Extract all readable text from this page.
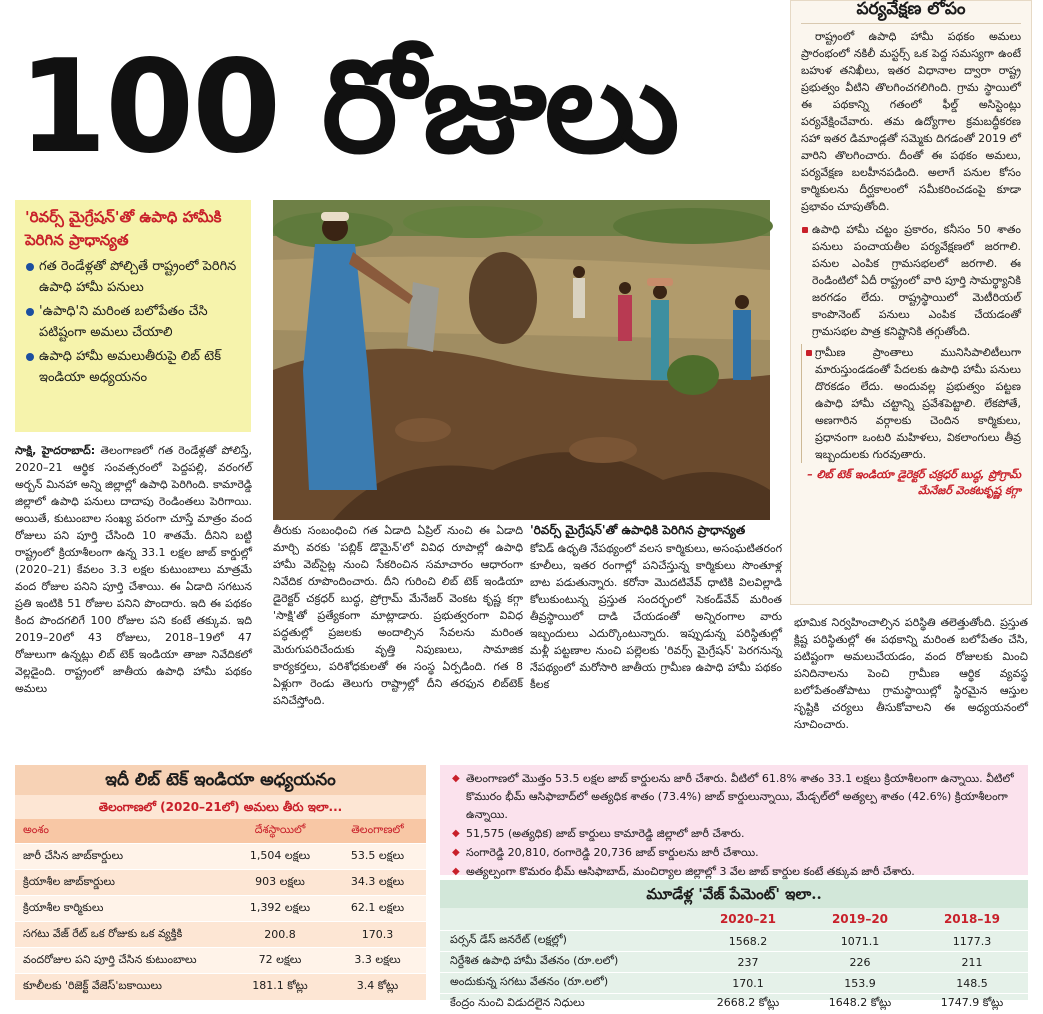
100 రోజులు
పర్యవేక్షణ లోపం

రాష్ట్రంలో ఉపాధి హామీ పథకం అమలు ప్రారంభంలో నకిలీ మస్టర్స్ ఒక పెద్ద సమస్యగా ఉంటే బహుళ తనిఖీలు, ఇతర విధానాల ద్వారా రాష్ట్ర ప్రభుత్వం వీటిని తొలగించగలిగింది. గ్రామ స్థాయిలో ఈ పథకాన్ని గతంలో ఫీల్డ్ అసిస్టెంట్లు పర్యవేక్షించేవారు. తమ ఉద్యోగాల క్రమబద్ధీకరణ సహా ఇతర డిమాండ్లతో సమ్మెకు దిగడంతో 2019 లో వారిని తొలగించారు. దీంతో ఈ పథకం అమలు, పర్యవేక్షణ బలహీనపడింది. అలాగే పనుల కోసం కార్మికులను దీర్ఘకాలంలో సమీకరించడంపై కూడా ప్రభావం చూపుతోంది.

ఉపాధి హామీ చట్టం ప్రకారం, కనీసం 50 శాతం పనులు పంచాయతీల పర్యవేక్షణలో జరగాలి. పనుల ఎంపిక గ్రామసభలలో జరగాలి. ఈ రెండింటిలో ఏదీ రాష్ట్రంలో వారి పూర్తి సామర్థ్యానికి జరగడం లేదు. రాష్ట్రస్థాయిలో మెటీరియల్ కాంపొనెంట్ పనులు ఎంపిక చేయడంతో గ్రామసభల పాత్ర కనిష్టానికి తగ్గుతోంది.
గ్రామీణ ప్రాంతాలు మునిసిపాలిటీలుగా మారుస్తుండడంతో పేదలకు ఉపాధి హామీ పనులు దొరకడం లేదు. అందువల్ల ప్రభుత్వం పట్టణ ఉపాధి హామీ చట్టాన్ని ప్రవేశపెట్టాలి. లేకపోతే, అణగారిన వర్గాలకు చెందిన కార్మికులు, ప్రధానంగా ఒంటరి మహిళలు, వికలాంగులు తీవ్ర ఇబ్బందులకు గురవుతారు.
– లిబ్ టెక్ ఇండియా డైరెక్టర్ చక్రధర్ బుద్ధ, ప్రోగ్రామ్ మేనేజర్ వెంకటకృష్ణ కగ్గా

భూమిక నిర్వహించాల్సిన పరిస్థితి తలెత్తుతోంది. ప్రస్తుత క్లిష్ట పరిస్థితుల్లో ఈ పథకాన్ని మరింత బలోపేతం చేసి, పటిష్టంగా అమలుచేయడం, వంద రోజులకు మించి పనిదినాలను పెంచి గ్రామీణ ఆర్థిక వ్యవస్థ బలోపేతంతోపాటు గ్రామస్థాయిల్లో స్థిరమైన ఆస్తుల సృష్టికి చర్యలు తీసుకోవాలని ఈ అధ్యయనంలో సూచించారు.

'రివర్స్ మైగ్రేషన్'తో ఉపాధి హామీకి పెరిగిన ప్రాధాన్యత
గత రెండేళ్లతో పోల్చితే రాష్ట్రంలో పెరిగిన ఉపాధి హామీ పనులు
'ఉపాధి'ని మరింత బలోపేతం చేసి పటిష్టంగా అమలు చేయాలి
ఉపాధి హామీ అమలుతీరుపై లిబ్ టెక్ ఇండియా అధ్యయనం

సాక్షి, హైదరాబాద్: తెలంగాణలో గత రెండేళ్లతో పోలిస్తే, 2020–21 ఆర్థిక సంవత్సరంలో పెద్దపల్లి, వరంగల్ అర్బన్ మినహా అన్ని జిల్లాల్లో ఉపాధి పెరిగింది. కామారెడ్డి జిల్లాలో ఉపాధి పనులు దాదాపు రెండింతలు పెరిగాయి. అయితే, కుటుంబాల సంఖ్య పరంగా చూస్తే మాత్రం వంద రోజులు పని పూర్తి చేసింది 10 శాతమే. దీనిని బట్టి రాష్ట్రంలో క్రియాశీలంగా ఉన్న 33.1 లక్షల జాబ్ కార్డుల్లో (2020–21) కేవలం 3.3 లక్షల కుటుంబాలు మాత్రమే వంద రోజుల పనిని పూర్తి చేశాయి. ఈ ఏడాది సగటున ప్రతి ఇంటికి 51 రోజుల పనిని పొందారు. ఇది ఈ పథకం కింద పొందగలిగే 100 రోజుల పని కంటే తక్కువ. ఇది 2019–20లో 43 రోజులు, 2018–19లో 47 రోజులుగా ఉన్నట్లు లిబ్ టెక్ ఇండియా తాజా నివేదికలో వెల్లడైంది. రాష్ట్రంలో జాతీయ ఉపాధి హామీ పథకం అమలు

తీరుకు సంబంధించి గత ఏడాది ఏప్రిల్ నుంచి ఈ ఏడాది మార్చి వరకు 'పబ్లిక్ డొమైన్'లో వివిధ రూపాల్లో ఉపాధి హామీ వెబ్‌సైట్ల నుంచి సేకరించిన సమాచారం ఆధారంగా నివేదిక రూపొందించారు. దీని గురించి లిబ్ టెక్ ఇండియా డైరెక్టర్ చక్రధర్ బుద్ధ, ప్రోగ్రామ్ మేనేజర్ వెంకట కృష్ణ కగ్గా 'సాక్షి'తో ప్రత్యేకంగా మాట్లాడారు. ప్రభుత్వరంగా వివిధ పద్ధతుల్లో ప్రజలకు అందాల్సిన సేవలను మరింత మెరుగుపరిచేందుకు వృత్తి నిపుణులు, సామాజిక కార్యకర్తలు, పరిశోధకులతో ఈ సంస్థ ఏర్పడింది. గత 8 ఏళ్లుగా రెండు తెలుగు రాష్ట్రాల్లో దీని తరఫున లిబ్‌టెక్ పనిచేస్తోంది.

'రివర్స్ మైగ్రేషన్'తో ఉపాధికి పెరిగిన ప్రాధాన్యత

కోవిడ్ ఉధృతి నేపథ్యంలో వలస కార్మికులు, అసంఘటితరంగ కూలీలు, ఇతర రంగాల్లో పనిచేస్తున్న కార్మికులు సొంతూళ్ల బాట పడుతున్నారు. కరోనా మొదటివేవ్ ధాటికి విలవిల్లాడి కోలుకుంటున్న ప్రస్తుత సందర్భంలో సెకండ్‌వేవ్ మరింత తీవ్రస్థాయిలో దాడి చేయడంతో అన్నిరంగాల వారు ఇబ్బందులు ఎదుర్కొంటున్నారు. ఇప్పుడున్న పరిస్థితుల్లో మళ్లీ పట్టణాల నుంచి పల్లెలకు 'రివర్స్ మైగ్రేషన్' పెరగనున్న నేపథ్యంలో మరోసారి జాతీయ గ్రామీణ ఉపాధి హామీ పథకం కీలక

ఇదీ లిబ్ టెక్ ఇండియా అధ్యయనం
తెలంగాణలో (2020–21లో) అమలు తీరు ఇలా...
అంశం	దేశస్థాయిలో	తెలంగాణలో
జారీ చేసిన జాబ్‌కార్డులు	1,504 లక్షలు	53.5 లక్షలు
క్రియాశీల జాబ్‌కార్డులు	903 లక్షలు	34.3 లక్షలు
క్రియాశీల కార్మికులు	1,392 లక్షలు	62.1 లక్షలు
సగటు వేజ్ రేట్ ఒక రోజుకు ఒక వ్యక్తికి	200.8	170.3
వందరోజుల పని పూర్తి చేసిన కుటుంబాలు	72 లక్షలు	3.3 లక్షలు
కూలీలకు 'రిజెక్ట్ వేజెస్'బకాయిలు	181.1 కోట్లు	3.4 కోట్లు
◆ తెలంగాణలో మొత్తం 53.5 లక్షల జాబ్ కార్డులను జారీ చేశారు. వీటిలో 61.8% శాతం 33.1 లక్షలు క్రియాశీలంగా ఉన్నాయి. వీటిలో కొమురం భీమ్ ఆసిఫాబాద్‌లో అత్యధిక శాతం (73.4%) జాబ్ కార్డులున్నాయి, మేడ్చల్‌లో అత్యల్ప శాతం (42.6%) క్రియాశీలంగా ఉన్నాయి.
◆ 51,575 (అత్యధిక) జాబ్ కార్డులు కామారెడ్డి జిల్లాలో జారీ చేశారు.
◆ సంగారెడ్డి 20,810, రంగారెడ్డి 20,736 జాబ్ కార్డులను జారీ చేశాయి.
◆ అత్యల్పంగా కొమరం భీమ్ ఆసిఫాబాద్, మంచిర్యాల జిల్లాల్లో 3 వేల జాబ్ కార్డుల కంటే తక్కువ జారీ చేశారు.
మూడేళ్ల 'వేజ్ పేమెంట్' ఇలా..
	2020–21	2019–20	2018–19
పర్సన్ డేస్ జనరేట్ (లక్షల్లో)	1568.2	1071.1	1177.3
నిర్దేశిత ఉపాధి హామీ వేతనం (రూ.లలో)	237	226	211
అందుకున్న సగటు వేతనం (రూ.లలో)	170.1	153.9	148.5
కేంద్రం నుంచి విడుదలైన నిధులు	2668.2 కోట్లు	1648.2 కోట్లు	1747.9 కోట్లు
